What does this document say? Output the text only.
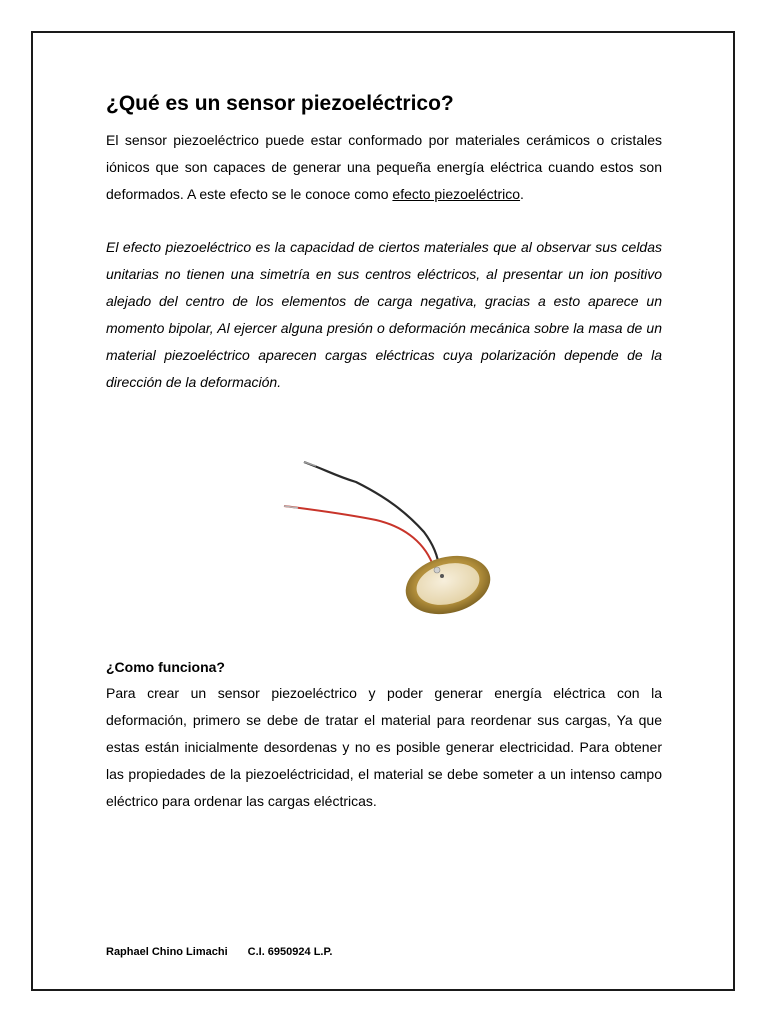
¿Qué es un sensor piezoeléctrico?

El sensor piezoeléctrico puede estar conformado por materiales cerámicos o cristales iónicos que son capaces de generar una pequeña energía eléctrica cuando estos son deformados. A este efecto se le conoce como efecto piezoeléctrico.

El efecto piezoeléctrico es la capacidad de ciertos materiales que al observar sus celdas unitarias no tienen una simetría en sus centros eléctricos, al presentar un ion positivo alejado del centro de los elementos de carga negativa, gracias a esto aparece un momento bipolar, Al ejercer alguna presión o deformación mecánica sobre la masa de un material piezoeléctrico aparecen cargas eléctricas cuya polarización depende de la dirección de la deformación.

¿Como funciona?

Para crear un sensor piezoeléctrico y poder generar energía eléctrica con la deformación, primero se debe de tratar el material para reordenar sus cargas, Ya que estas están inicialmente desordenas y no es posible generar electricidad. Para obtener las propiedades de la piezoeléctricidad, el material se debe someter a un intenso campo eléctrico para ordenar las cargas eléctricas.

Raphael Chino Limachi C.I. 6950924 L.P.
